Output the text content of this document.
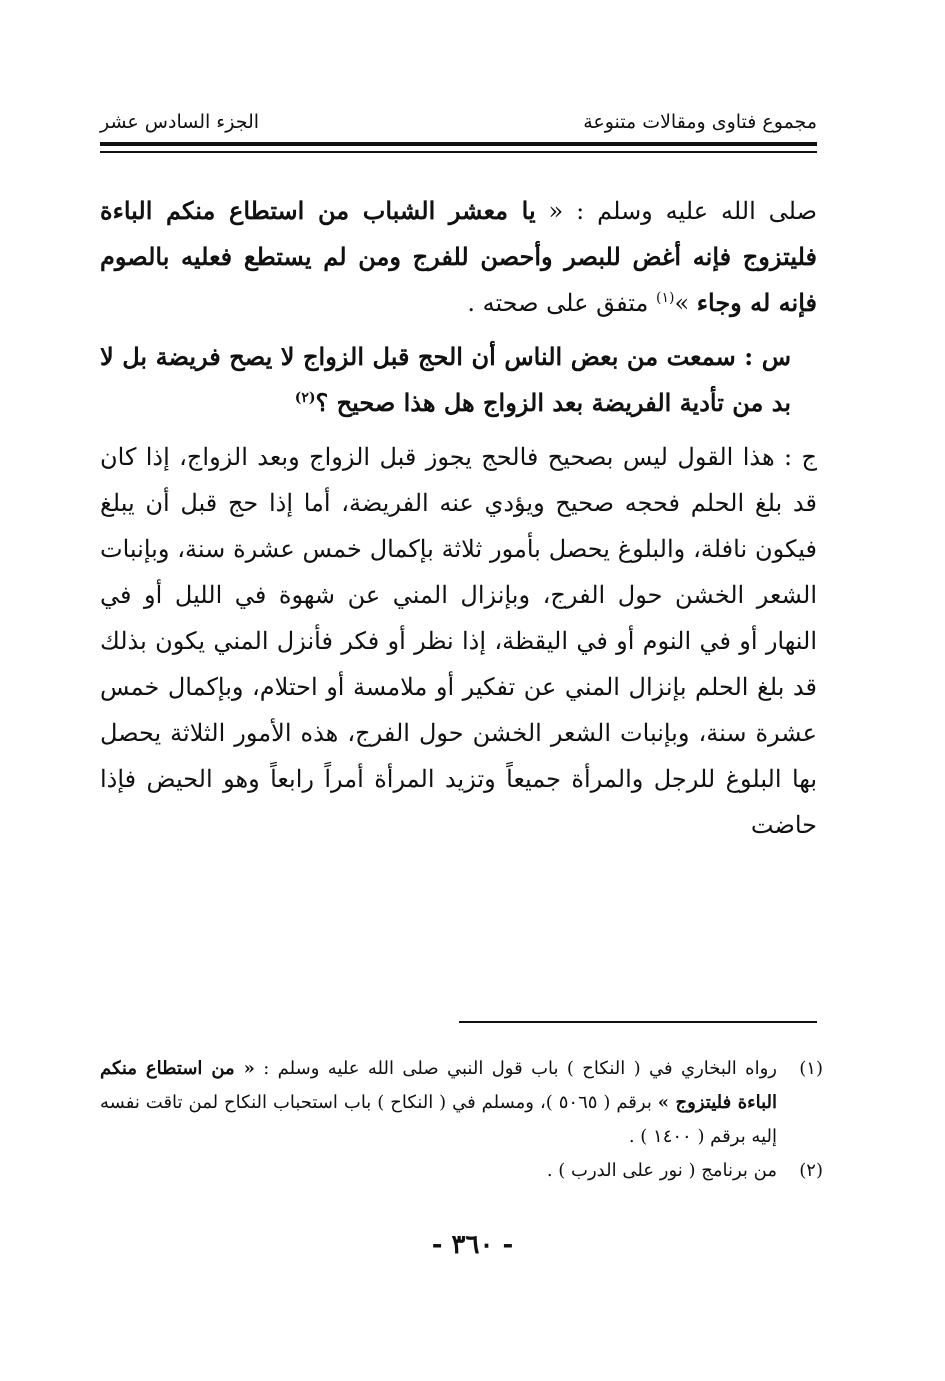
مجموع فتاوى ومقالات متنوعة
الجزء السادس عشر

صلى الله عليه وسلم : « يا معشر الشباب من استطاع منكم الباءة فليتزوج فإنه أغض للبصر وأحصن للفرج ومن لم يستطع فعليه بالصوم فإنه له وجاء »$^{(١)}$ متفق على صحته .

س : سمعت من بعض الناس أن الحج قبل الزواج لا يصح فريضة بل لا بد من تأدية الفريضة بعد الزواج هل هذا صحيح ؟$^{(٢)}$

ج : هذا القول ليس بصحيح فالحج يجوز قبل الزواج وبعد الزواج، إذا كان قد بلغ الحلم فحجه صحيح ويؤدي عنه الفريضة، أما إذا حج قبل أن يبلغ فيكون نافلة، والبلوغ يحصل بأمور ثلاثة بإكمال خمس عشرة سنة، وبإنبات الشعر الخشن حول الفرج، وبإنزال المني عن شهوة في الليل أو في النهار أو في النوم أو في اليقظة، إذا نظر أو فكر فأنزل المني يكون بذلك قد بلغ الحلم بإنزال المني عن تفكير أو ملامسة أو احتلام، وبإكمال خمس عشرة سنة، وبإنبات الشعر الخشن حول الفرج، هذه الأمور الثلاثة يحصل بها البلوغ للرجل والمرأة جميعاً وتزيد المرأة أمراً رابعاً وهو الحيض فإذا حاضت

(١)
رواه البخاري في ( النكاح ) باب قول النبي صلى الله عليه وسلم : « من استطاع منكم الباءة فليتزوج » برقم ( ٥٠٦٥ )، ومسلم في ( النكاح ) باب استحباب النكاح لمن تاقت نفسه إليه برقم ( ١٤٠٠ ) .
(٢)
من برنامج ( نور على الدرب ) .
- ٣٦٠ -
